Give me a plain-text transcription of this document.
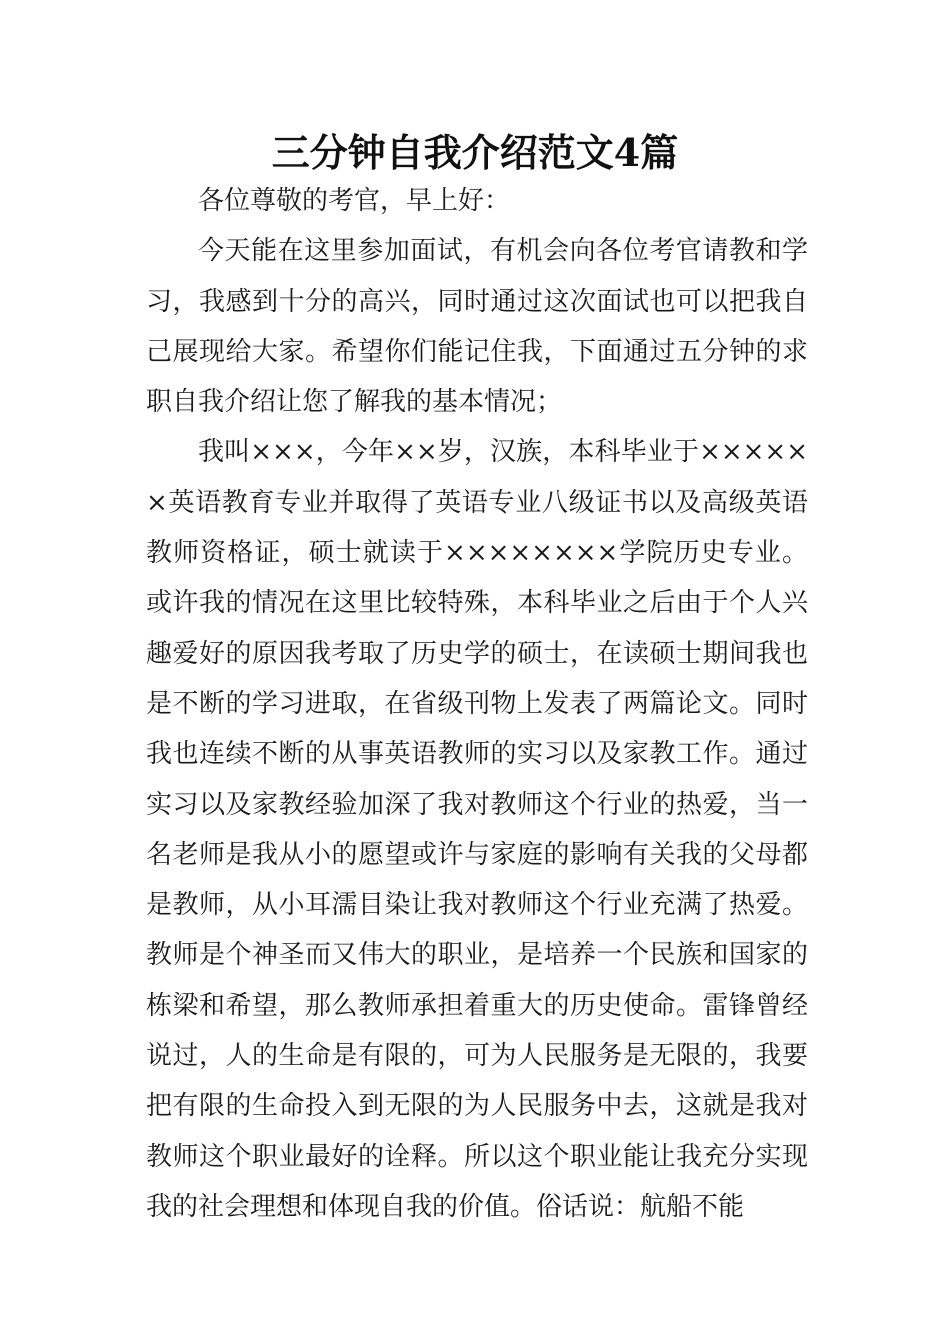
三分钟自我介绍范文4篇

各位尊敬的考官，早上好：

今天能在这里参加面试，有机会向各位考官请教和学习，我感到十分的高兴，同时通过这次面试也可以把我自己展现给大家。希望你们能记住我，下面通过五分钟的求职自我介绍让您了解我的基本情况；

我叫×××，今年××岁，汉族，本科毕业于××××××英语教育专业并取得了英语专业八级证书以及高级英语教师资格证，硕士就读于××××××××学院历史专业。或许我的情况在这里比较特殊，本科毕业之后由于个人兴趣爱好的原因我考取了历史学的硕士，在读硕士期间我也是不断的学习进取，在省级刊物上发表了两篇论文。同时我也连续不断的从事英语教师的实习以及家教工作。通过实习以及家教经验加深了我对教师这个行业的热爱，当一名老师是我从小的愿望或许与家庭的影响有关我的父母都是教师，从小耳濡目染让我对教师这个行业充满了热爱。教师是个神圣而又伟大的职业，是培养一个民族和国家的栋梁和希望，那么教师承担着重大的历史使命。雷锋曾经说过，人的生命是有限的，可为人民服务是无限的，我要把有限的生命投入到无限的为人民服务中去，这就是我对教师这个职业最好的诠释。所以这个职业能让我充分实现我的社会理想和体现自我的价值。俗话说：航船不能
